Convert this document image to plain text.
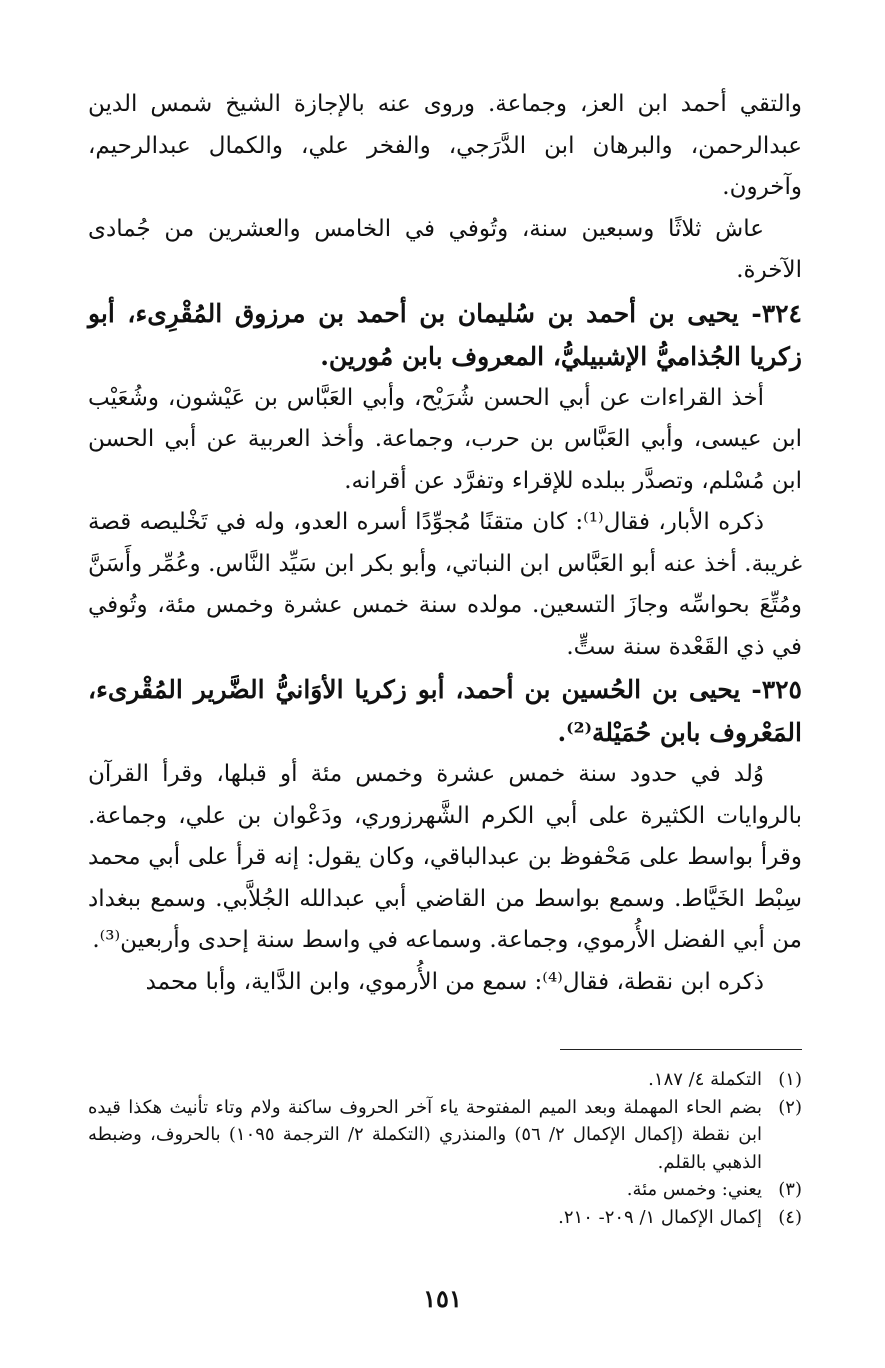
والتقي أحمد ابن العز، وجماعة. وروى عنه بالإجازة الشيخ شمس الدين عبدالرحمن، والبرهان ابن الدَّرَجي، والفخر علي، والكمال عبدالرحيم، وآخرون.

عاش ثلاثًا وسبعين سنة، وتُوفي في الخامس والعشرين من جُمادى الآخرة.

٣٢٤- يحيى بن أحمد بن سُليمان بن أحمد بن مرزوق المُقْرِىء، أبو زكريا الجُذاميُّ الإشبيليُّ، المعروف بابن مُورين.

أخذ القراءات عن أبي الحسن شُرَيْح، وأبي العَبَّاس بن عَيْشون، وشُعَيْب ابن عيسى، وأبي العَبَّاس بن حرب، وجماعة. وأخذ العربية عن أبي الحسن ابن مُسْلم، وتصدَّر ببلده للإقراء وتفرَّد عن أقرانه.

ذكره الأبار، فقال⁽¹⁾: كان متقنًا مُجوِّدًا أسره العدو، وله في تَخْليصه قصة غريبة. أخذ عنه أبو العَبَّاس ابن النباتي، وأبو بكر ابن سَيِّد النَّاس. وعُمِّر وأَسَنَّ ومُتِّعَ بحواسِّه وجازَ التسعين. مولده سنة خمس عشرة وخمس مئة، وتُوفي في ذي القَعْدة سنة ستٍّ.

٣٢٥- يحيى بن الحُسين بن أحمد، أبو زكريا الأوَانيُّ الضَّرير المُقْرىء، المَعْروف بابن حُمَيْلة⁽²⁾.

وُلد في حدود سنة خمس عشرة وخمس مئة أو قبلها، وقرأ القرآن بالروايات الكثيرة على أبي الكرم الشَّهرزوري، ودَعْوان بن علي، وجماعة. وقرأ بواسط على مَحْفوظ بن عبدالباقي، وكان يقول: إنه قرأ على أبي محمد سِبْط الخَيَّاط. وسمع بواسط من القاضي أبي عبدالله الجُلاَّبي. وسمع ببغداد من أبي الفضل الأُرموي، وجماعة. وسماعه في واسط سنة إحدى وأربعين⁽³⁾.

ذكره ابن نقطة، فقال⁽⁴⁾: سمع من الأُرموي، وابن الدَّاية، وأبا محمد

(١)
التكملة ٤/ ١٨٧.
(٢)
بضم الحاء المهملة وبعد الميم المفتوحة ياء آخر الحروف ساكنة ولام وتاء تأنيث هكذا قيده ابن نقطة (إكمال الإكمال ٢/ ٥٦) والمنذري (التكملة ٢/ الترجمة ١٠٩٥) بالحروف، وضبطه الذهبي بالقلم.
(٣)
يعني: وخمس مئة.
(٤)
إكمال الإكمال ١/ ٢٠٩- ٢١٠.
١٥١
